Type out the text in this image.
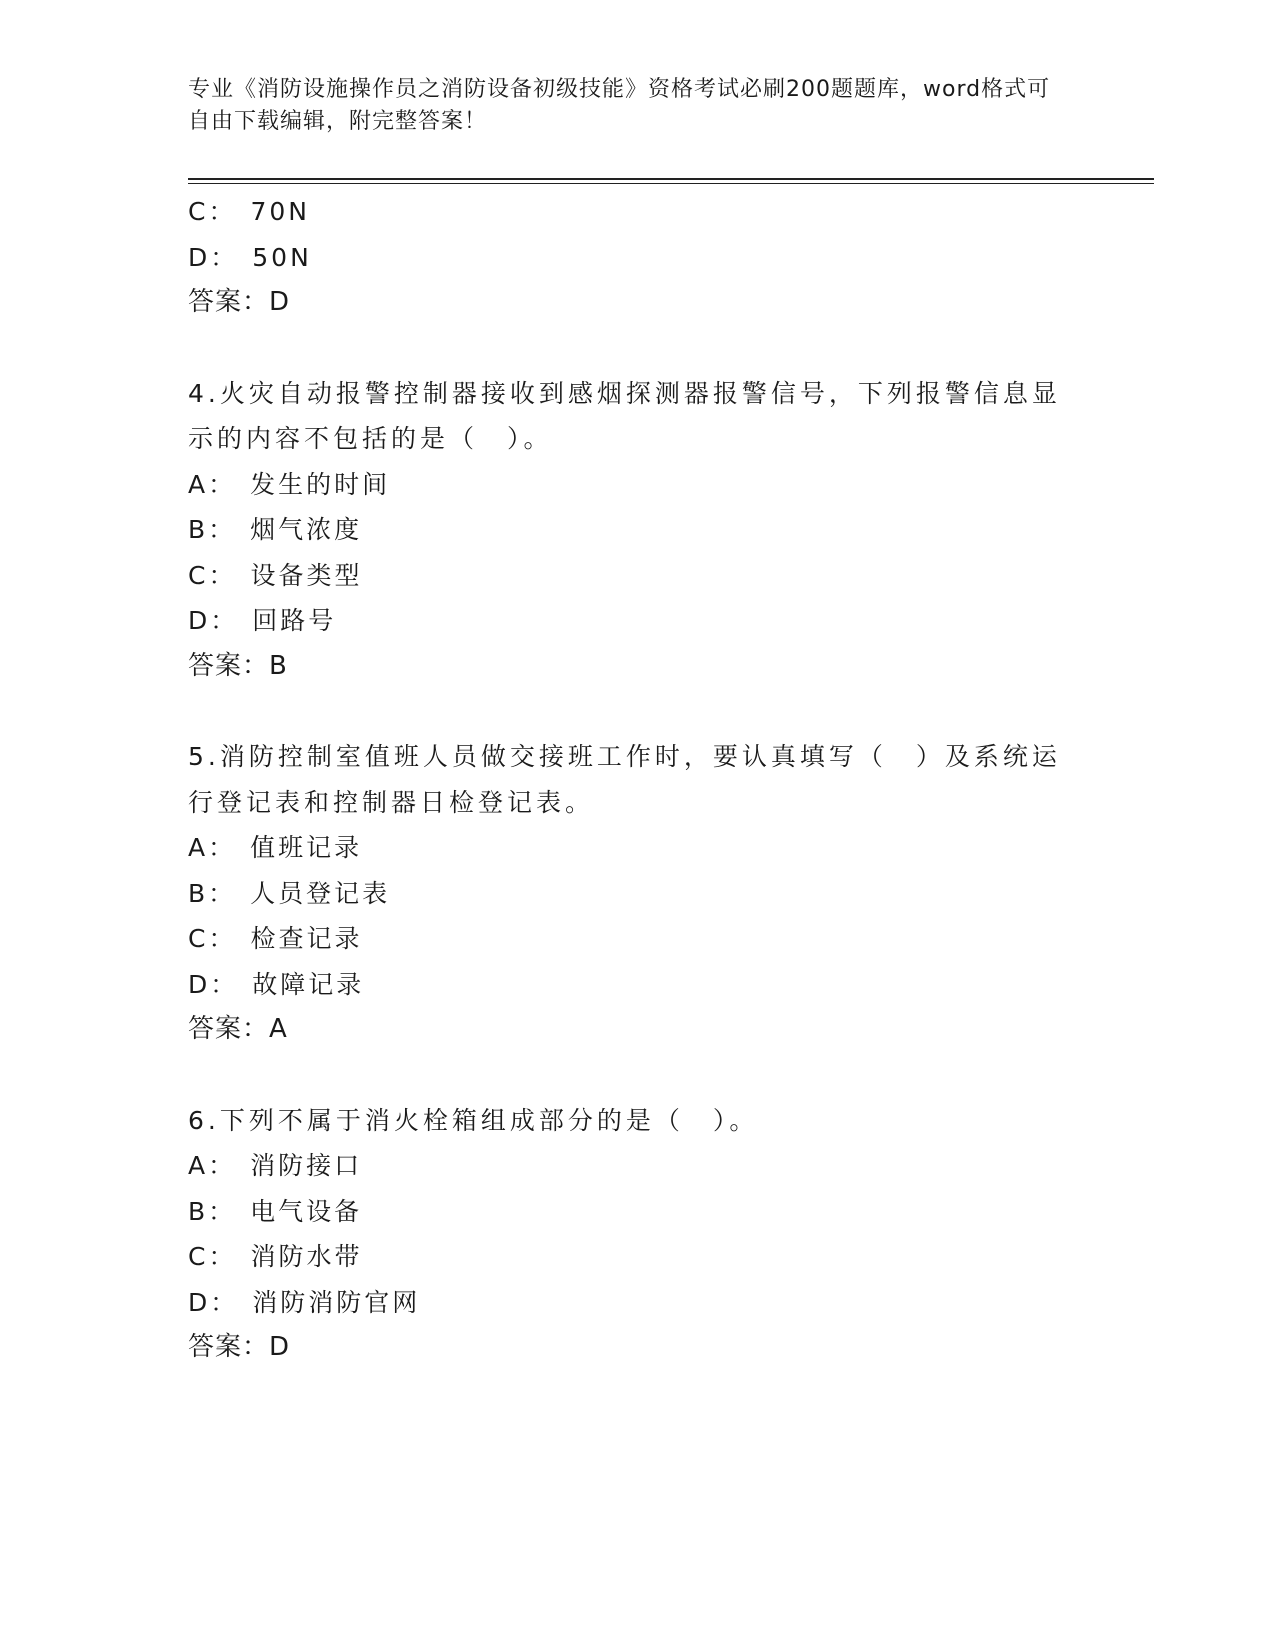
专业《消防设施操作员之消防设备初级技能》资格考试必刷200题题库，word格式可自由下载编辑，附完整答案！
C： 70N
D： 50N
答案：D
4.火灾自动报警控制器接收到感烟探测器报警信号，下列报警信息显示的内容不包括的是（　）。
A： 发生的时间
B： 烟气浓度
C： 设备类型
D： 回路号
答案：B
5.消防控制室值班人员做交接班工作时，要认真填写（　）及系统运行登记表和控制器日检登记表。
A： 值班记录
B： 人员登记表
C： 检查记录
D： 故障记录
答案：A
6.下列不属于消火栓箱组成部分的是（　）。
A： 消防接口
B： 电气设备
C： 消防水带
D： 消防消防官网
答案：D
